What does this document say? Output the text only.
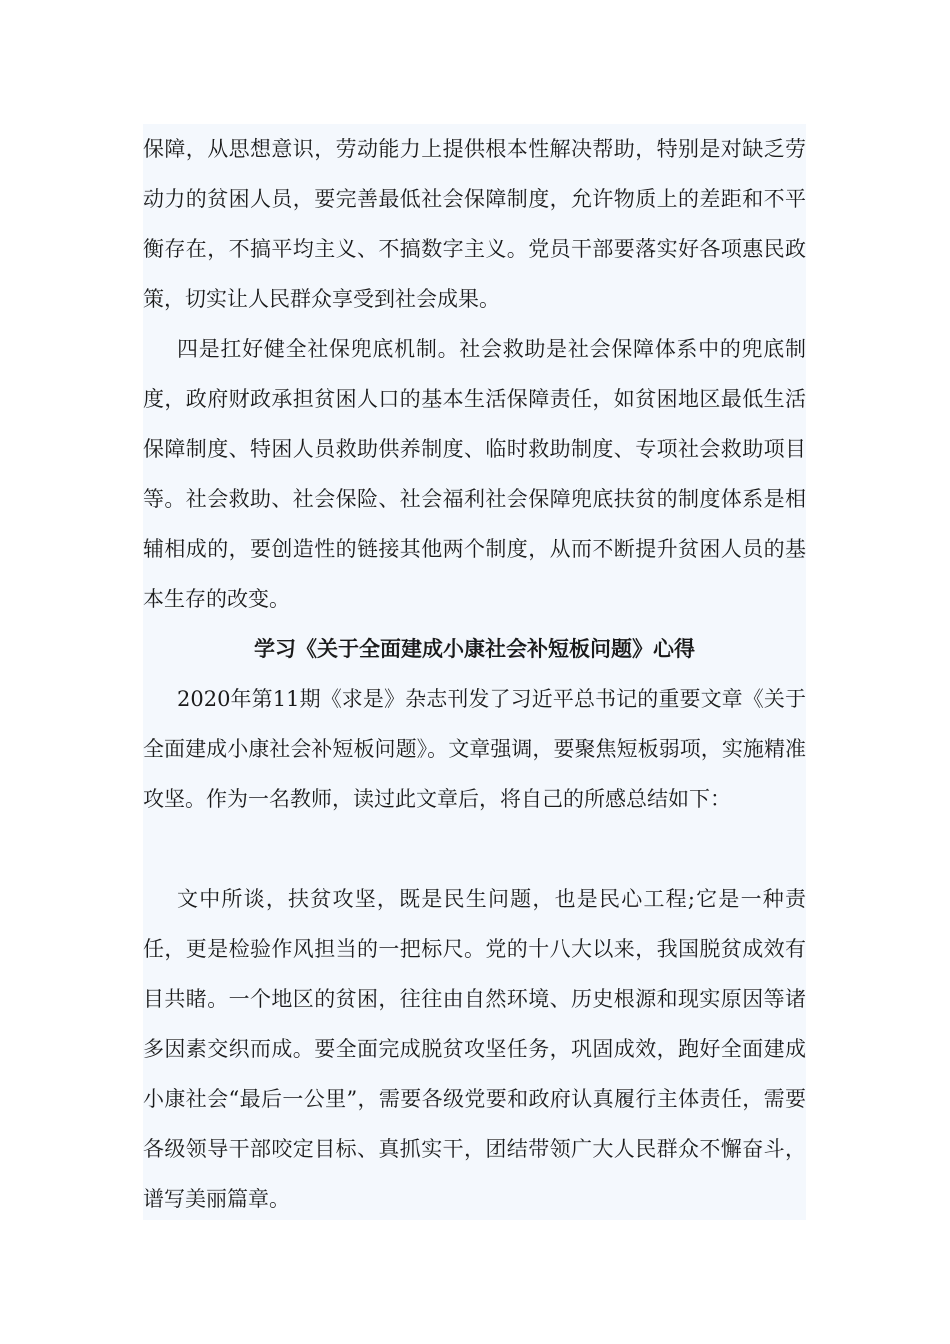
保障，从思想意识，劳动能力上提供根本性解决帮助，特别是对缺乏劳动力的贫困人员，要完善最低社会保障制度，允许物质上的差距和不平衡存在，不搞平均主义、不搞数字主义。党员干部要落实好各项惠民政策，切实让人民群众享受到社会成果。

四是扛好健全社保兜底机制。社会救助是社会保障体系中的兜底制度，政府财政承担贫困人口的基本生活保障责任，如贫困地区最低生活保障制度、特困人员救助供养制度、临时救助制度、专项社会救助项目等。社会救助、社会保险、社会福利社会保障兜底扶贫的制度体系是相辅相成的，要创造性的链接其他两个制度，从而不断提升贫困人员的基本生存的改变。

学习《关于全面建成小康社会补短板问题》心得

2020年第11期《求是》杂志刊发了习近平总书记的重要文章《关于全面建成小康社会补短板问题》。文章强调，要聚焦短板弱项，实施精准攻坚。作为一名教师，读过此文章后，将自己的所感总结如下：

文中所谈，扶贫攻坚，既是民生问题，也是民心工程;它是一种责任，更是检验作风担当的一把标尺。党的十八大以来，我国脱贫成效有目共睹。一个地区的贫困，往往由自然环境、历史根源和现实原因等诸多因素交织而成。要全面完成脱贫攻坚任务，巩固成效，跑好全面建成小康社会“最后一公里”，需要各级党要和政府认真履行主体责任，需要各级领导干部咬定目标、真抓实干，团结带领广大人民群众不懈奋斗，谱写美丽篇章。
